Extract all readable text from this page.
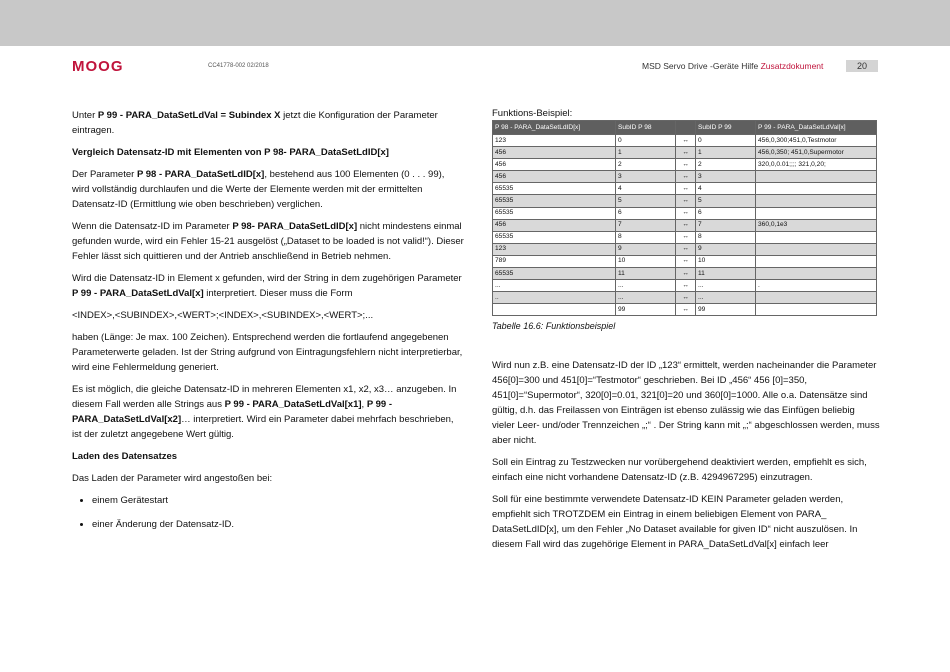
MOOG	CC41778-002 02/2018	MSD Servo Drive -Geräte Hilfe Zusatzdokument	20

Unter P 99 - PARA_DataSetLdVal = Subindex X jetzt die Konfiguration der Parameter eintragen.

Vergleich Datensatz-ID mit Elementen von P 98- PARA_DataSetLdID[x]

Der Parameter P 98 - PARA_DataSetLdID[x], bestehend aus 100 Elementen (0 . . . 99), wird vollständig durchlaufen und die Werte der Elemente werden mit der ermittelten Datensatz-ID (Ermittlung wie oben beschrieben) verglichen.

Wenn die Datensatz-ID im Parameter P 98- PARA_DataSetLdID[x] nicht mindestens einmal gefunden wurde, wird ein Fehler 15-21 ausgelöst („Dataset to be loaded is not valid!“). Dieser Fehler lässt sich quittieren und der Antrieb anschließend in Betrieb nehmen.

Wird die Datensatz-ID in Element x gefunden, wird der String in dem zugehörigen Parameter P 99 - PARA_DataSetLdVal[x] interpretiert. Dieser muss die Form

<INDEX>,<SUBINDEX>,<WERT>;<INDEX>,<SUBINDEX>,<WERT>;...

haben (Länge: Je max. 100 Zeichen). Entsprechend werden die fortlaufend angegebenen Parameterwerte geladen. Ist der String aufgrund von Eintragungsfehlern nicht interpretierbar, wird eine Fehlermeldung generiert.

Es ist möglich, die gleiche Datensatz-ID in mehreren Elementen x1, x2, x3… anzugeben. In diesem Fall werden alle Strings aus P 99 - PARA_DataSetLdVal[x1], P 99 - PARA_DataSetLdVal[x2]… interpretiert. Wird ein Parameter dabei mehrfach beschrieben, ist der zuletzt angegebene Wert gültig.

Laden des Datensatzes

Das Laden der Parameter wird angestoßen bei:

• einem Gerätestart
• einer Änderung der Datensatz-ID.
Funktions-Beispiel:
P 98 - PARA_DataSetLdID[x]	SubID P 98		SubID P 99	P 99 - PARA_DataSetLdVal[x]
123	0	↔	0	456,0,300;451,0,Testmotor
456	1	↔	1	456,0,350; 451,0,Supermotor
456	2	↔	2	320,0,0.01;;;; 321,0,20;
456	3	↔	3	
65535	4	↔	4	
65535	5	↔	5	
65535	6	↔	6	
456	7	↔	7	360,0,1e3
65535	8	↔	8	
123	9	↔	9	
789	10	↔	10	
65535	11	↔	11	
...	...	↔	...	.
..	...	↔	...	
	99	↔	99	
Tabelle 16.6: Funktionsbeispiel

Wird nun z.B. eine Datensatz-ID der ID „123“ ermittelt, werden nacheinander die Parameter 456[0]=300 und 451[0]=“Testmotor“ geschrieben. Bei ID „456“ 456 [0]=350, 451[0]=“Supermotor“, 320[0]=0.01, 321[0]=20 und 360[0]=1000. Alle o.a. Datensätze sind gültig, d.h. das Freilassen von Einträgen ist ebenso zulässig wie das Einfügen beliebig vieler Leer- und/oder Trennzeichen „;“ . Der String kann mit „;“ abgeschlossen werden, muss aber nicht.

Soll ein Eintrag zu Testzwecken nur vorübergehend deaktiviert werden, empfiehlt es sich, einfach eine nicht vorhandene Datensatz-ID (z.B. 4294967295) einzutragen.

Soll für eine bestimmte verwendete Datensatz-ID KEIN Parameter geladen werden, empfiehlt sich TROTZDEM ein Eintrag in einem beliebigen Element von PARA_ DataSetLdID[x], um den Fehler „No Dataset available for given ID“ nicht auszulösen. In diesem Fall wird das zugehörige Element in PARA_DataSetLdVal[x] einfach leer
